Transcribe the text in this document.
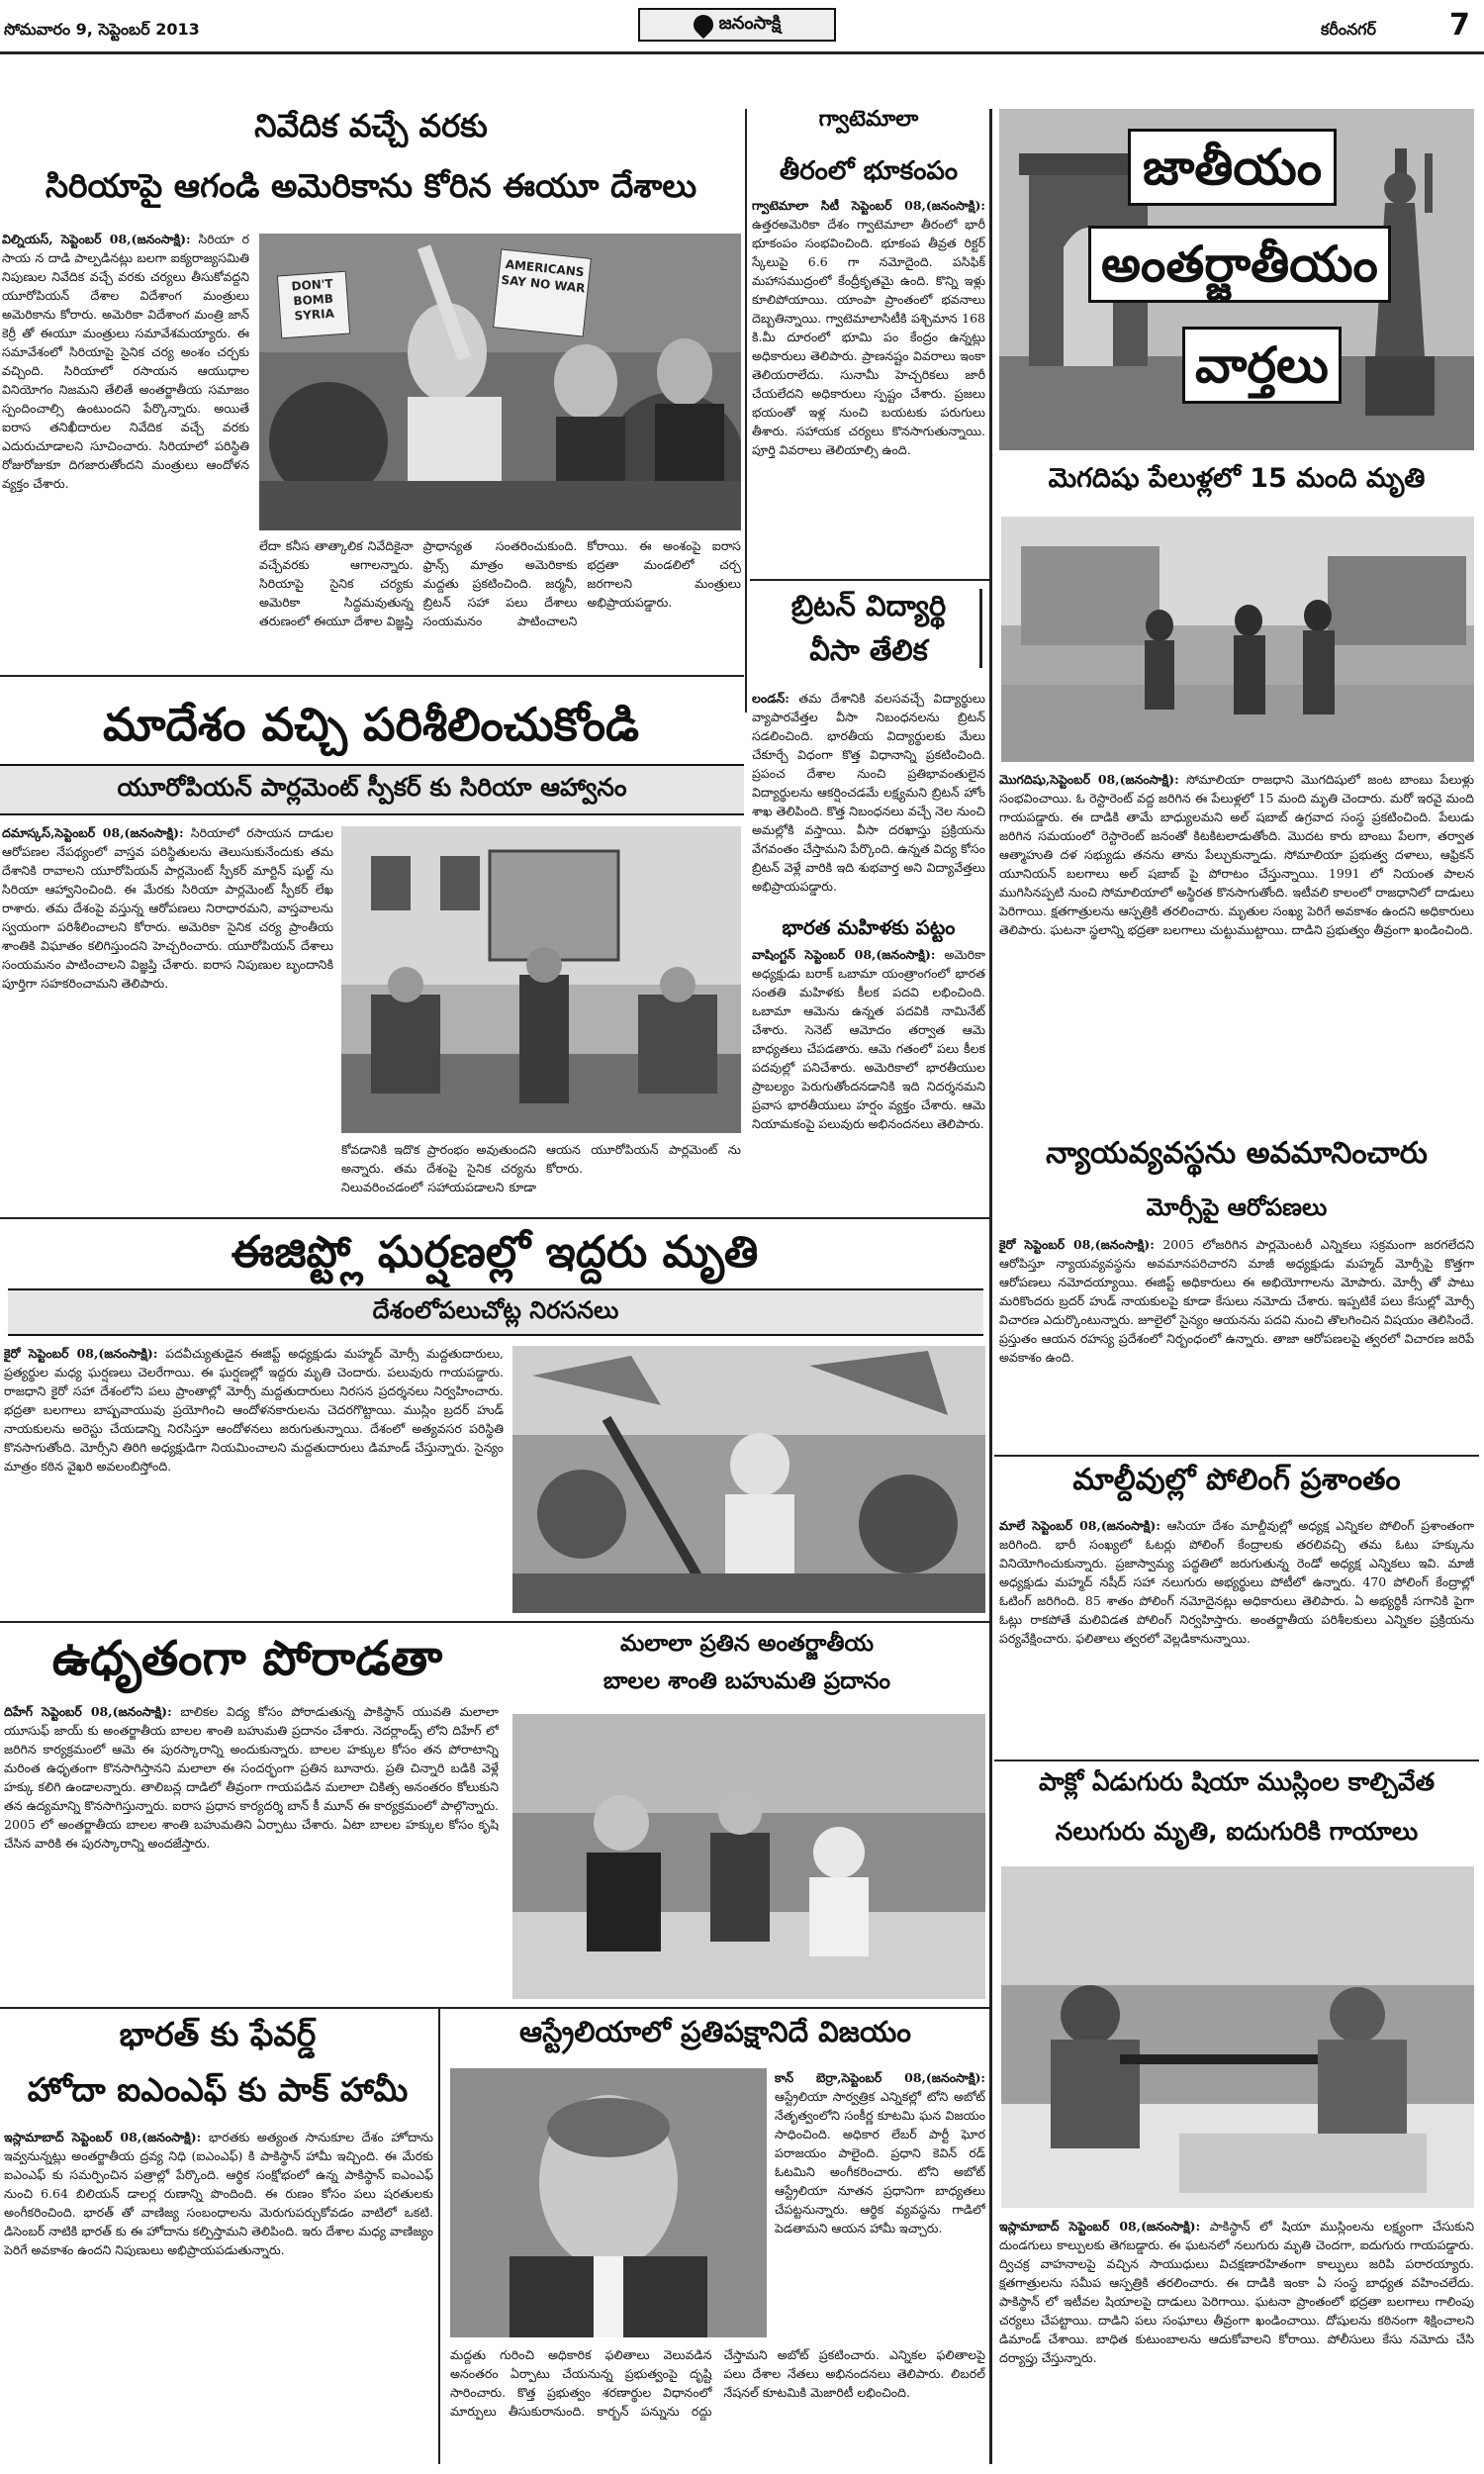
సోమవారం 9, సెప్టెంబర్ 2013	జనంసాక్షి	కరీంనగర్ 7
నివేదిక వచ్చే వరకు
సిరియాపై ఆగండి అమెరికాను కోరిన ఈయూ దేశాలు
విల్నియస్, సెప్టెంబర్ 08,(జనంసాక్షి): సిరియా ర సాయ న దాడి పాల్పడినట్లు బలగా ఐక్యరాజ్యసమితి నిపుణుల నివేదిక వచ్చే వరకు చర్యలు తీసుకోవద్దని యూరోపియన్ దేశాల విదేశాంగ మంత్రులు అమెరికాను కోరారు. అమెరికా విదేశాంగ మంత్రి జాన్ కెర్రీ తో ఈయూ మంత్రులు సమావేశమయ్యారు. ఈ సమావేశంలో సిరియాపై సైనిక చర్య అంశం చర్చకు వచ్చింది. సిరియాలో రసాయన ఆయుధాల వినియోగం నిజమని తేలితే అంతర్జాతీయ సమాజం స్పందించాల్సి ఉంటుందని పేర్కొన్నారు. అయితే ఐరాస తనిఖీదారుల నివేదిక వచ్చే వరకు ఎదురుచూడాలని సూచించారు. సిరియాలో పరిస్థితి రోజురోజుకూ దిగజారుతోందని మంత్రులు ఆందోళన వ్యక్తం చేశారు.
DON'T BOMB SYRIA
AMERICANS SAY NO WAR
లేదా కనీస తాత్కాలిక నివేదికైనా వచ్చేవరకు ఆగాలన్నారు. సిరియాపై సైనిక చర్యకు అమెరికా సిద్ధమవుతున్న తరుణంలో ఈయూ దేశాల విజ్ఞప్తి ప్రాధాన్యత సంతరించుకుంది. ఫ్రాన్స్ మాత్రం అమెరికాకు మద్దతు ప్రకటించింది. జర్మనీ, బ్రిటన్ సహా పలు దేశాలు సంయమనం పాటించాలని కోరాయి. ఈ అంశంపై ఐరాస భద్రతా మండలిలో చర్చ జరగాలని మంత్రులు అభిప్రాయపడ్డారు.
గ్వాటెమాలా
తీరంలో భూకంపం
గ్వాటెమాలా సిటీ సెప్టెంబర్ 08,(జనంసాక్షి): ఉత్తరఅమెరికా దేశం గ్వాటెమాలా తీరంలో భారీ భూకంపం సంభవించింది. భూకంప తీవ్రత రిక్టర్ స్కేలుపై 6.6 గా నమోదైంది. పసిఫిక్ మహాసముద్రంలో కేంద్రీకృతమై ఉంది. కొన్ని ఇళ్లు కూలిపోయాయి. యాంపా ప్రాంతంలో భవనాలు దెబ్బతిన్నాయి. గ్వాటెమాలాసిటీకి పశ్చిమాన 168 కి.మీ దూరంలో భూమి పం కేంద్రం ఉన్నట్లు అధికారులు తెలిపారు. ప్రాణనష్టం వివరాలు ఇంకా తెలియరాలేదు. సునామీ హెచ్చరికలు జారీ చేయలేదని అధికారులు స్పష్టం చేశారు. ప్రజలు భయంతో ఇళ్ల నుంచి బయటకు పరుగులు తీశారు. సహాయక చర్యలు కొనసాగుతున్నాయి. పూర్తి వివరాలు తెలియాల్సి ఉంది.
జాతీయం
అంతర్జాతీయం
వార్తలు
మెగదిషు పేలుళ్లలో 15 మంది మృతి
మొగదిషు,సెప్టెంబర్ 08,(జనంసాక్షి): సోమాలియా రాజధాని మొగదిషులో జంట బాంబు పేలుళ్లు సంభవించాయి. ఓ రెస్టారెంట్ వద్ద జరిగిన ఈ పేలుళ్లలో 15 మంది మృతి చెందారు. మరో ఇరవై మంది గాయపడ్డారు. ఈ దాడికి తామే బాధ్యులమని అల్ షబాబ్ ఉగ్రవాద సంస్థ ప్రకటించింది. పేలుడు జరిగిన సమయంలో రెస్టారెంట్ జనంతో కిటకిటలాడుతోంది. మొదట కారు బాంబు పేలగా, తర్వాత ఆత్మాహుతి దళ సభ్యుడు తనను తాను పేల్చుకున్నాడు. సోమాలియా ప్రభుత్వ దళాలు, ఆఫ్రికన్ యూనియన్ బలగాలు అల్ షబాబ్ పై పోరాటం చేస్తున్నాయి. 1991 లో నియంత పాలన ముగిసినప్పటి నుంచి సోమాలియాలో అస్థిరత కొనసాగుతోంది. ఇటీవలి కాలంలో రాజధానిలో దాడులు పెరిగాయి. క్షతగాత్రులను ఆస్పత్రికి తరలించారు. మృతుల సంఖ్య పెరిగే అవకాశం ఉందని అధికారులు తెలిపారు. ఘటనా స్థలాన్ని భద్రతా బలగాలు చుట్టుముట్టాయి. దాడిని ప్రభుత్వం తీవ్రంగా ఖండించింది.
బ్రిటన్ విద్యార్థి
వీసా తేలిక
లండన్: తమ దేశానికి వలసవచ్చే విద్యార్థులు వ్యాపారవేత్తల వీసా నిబంధనలను బ్రిటన్ సడలించింది. భారతీయ విద్యార్థులకు మేలు చేకూర్చే విధంగా కొత్త విధానాన్ని ప్రకటించింది. ప్రపంచ దేశాల నుంచి ప్రతిభావంతులైన విద్యార్థులను ఆకర్షించడమే లక్ష్యమని బ్రిటన్ హోం శాఖ తెలిపింది. కొత్త నిబంధనలు వచ్చే నెల నుంచి అమల్లోకి వస్తాయి. వీసా దరఖాస్తు ప్రక్రియను వేగవంతం చేస్తామని పేర్కొంది. ఉన్నత విద్య కోసం బ్రిటన్ వెళ్లే వారికి ఇది శుభవార్త అని విద్యావేత్తలు అభిప్రాయపడ్డారు.
భారత మహిళకు పట్టం
వాషింగ్టన్ సెప్టెంబర్ 08,(జనంసాక్షి): అమెరికా అధ్యక్షుడు బరాక్ ఒబామా యంత్రాంగంలో భారత సంతతి మహిళకు కీలక పదవి లభించింది. ఒబామా ఆమెను ఉన్నత పదవికి నామినేట్ చేశారు. సెనెట్ ఆమోదం తర్వాత ఆమె బాధ్యతలు చేపడతారు. ఆమె గతంలో పలు కీలక పదవుల్లో పనిచేశారు. అమెరికాలో భారతీయుల ప్రాబల్యం పెరుగుతోందనడానికి ఇది నిదర్శనమని ప్రవాస భారతీయులు హర్షం వ్యక్తం చేశారు. ఆమె నియామకంపై పలువురు అభినందనలు తెలిపారు.
మాదేశం వచ్చి పరిశీలించుకోండి
యూరోపియన్ పార్లమెంట్ స్పీకర్ కు సిరియా ఆహ్వానం
దమాస్కస్,సెప్టెంబర్ 08,(జనంసాక్షి): సిరియాలో రసాయన దాడుల ఆరోపణల నేపథ్యంలో వాస్తవ పరిస్థితులను తెలుసుకునేందుకు తమ దేశానికి రావాలని యూరోపియన్ పార్లమెంట్ స్పీకర్ మార్టిన్ షుల్జ్ ను సిరియా ఆహ్వానించింది. ఈ మేరకు సిరియా పార్లమెంట్ స్పీకర్ లేఖ రాశారు. తమ దేశంపై వస్తున్న ఆరోపణలు నిరాధారమని, వాస్తవాలను స్వయంగా పరిశీలించాలని కోరారు. అమెరికా సైనిక చర్య ప్రాంతీయ శాంతికి విఘాతం కలిగిస్తుందని హెచ్చరించారు. యూరోపియన్ దేశాలు సంయమనం పాటించాలని విజ్ఞప్తి చేశారు. ఐరాస నిపుణుల బృందానికి పూర్తిగా సహకరించామని తెలిపారు.
కోవడానికి ఇదొక ప్రారంభం అవుతుందని అన్నారు. తమ దేశంపై సైనిక చర్యను నిలువరించడంలో సహాయపడాలని కూడా ఆయన యూరోపియన్ పార్లమెంట్ ను కోరారు.
ఈజిప్ట్లో ఘర్షణల్లో ఇద్దరు మృతి
దేశంలోపలుచోట్ల నిరసనలు
కైరో సెప్టెంబర్ 08,(జనంసాక్షి): పదవీచ్యుతుడైన ఈజిప్ట్ అధ్యక్షుడు మహ్మద్ మోర్సీ మద్దతుదారులు, ప్రత్యర్థుల మధ్య ఘర్షణలు చెలరేగాయి. ఈ ఘర్షణల్లో ఇద్దరు మృతి చెందారు. పలువురు గాయపడ్డారు. రాజధాని కైరో సహా దేశంలోని పలు ప్రాంతాల్లో మోర్సీ మద్దతుదారులు నిరసన ప్రదర్శనలు నిర్వహించారు. భద్రతా బలగాలు బాష్పవాయువు ప్రయోగించి ఆందోళనకారులను చెదరగొట్టాయి. ముస్లిం బ్రదర్ హుడ్ నాయకులను అరెస్టు చేయడాన్ని నిరసిస్తూ ఆందోళనలు జరుగుతున్నాయి. దేశంలో అత్యవసర పరిస్థితి కొనసాగుతోంది. మోర్సీని తిరిగి అధ్యక్షుడిగా నియమించాలని మద్దతుదారులు డిమాండ్ చేస్తున్నారు. సైన్యం మాత్రం కఠిన వైఖరి అవలంబిస్తోంది.
ఉధృతంగా పోరాడతా	మలాలా ప్రతిన అంతర్జాతీయ
బాలల శాంతి బహుమతి ప్రదానం
దిహేగ్ సెప్టెంబర్ 08,(జనంసాక్షి): బాలికల విద్య కోసం పోరాడుతున్న పాకిస్థాన్ యువతి మలాలా యూసుఫ్ జాయ్ కు అంతర్జాతీయ బాలల శాంతి బహుమతి ప్రదానం చేశారు. నెదర్లాండ్స్ లోని దిహేగ్ లో జరిగిన కార్యక్రమంలో ఆమె ఈ పురస్కారాన్ని అందుకున్నారు. బాలల హక్కుల కోసం తన పోరాటాన్ని మరింత ఉధృతంగా కొనసాగిస్తానని మలాలా ఈ సందర్భంగా ప్రతిన బూనారు. ప్రతి చిన్నారి బడికి వెళ్లే హక్కు కలిగి ఉండాలన్నారు. తాలిబన్ల దాడిలో తీవ్రంగా గాయపడిన మలాలా చికిత్స అనంతరం కోలుకుని తన ఉద్యమాన్ని కొనసాగిస్తున్నారు. ఐరాస ప్రధాన కార్యదర్శి బాన్ కీ మూన్ ఈ కార్యక్రమంలో పాల్గొన్నారు. 2005 లో అంతర్జాతీయ బాలల శాంతి బహుమతిని ఏర్పాటు చేశారు. ఏటా బాలల హక్కుల కోసం కృషి చేసిన వారికి ఈ పురస్కారాన్ని అందజేస్తారు.
న్యాయవ్యవస్థను అవమానించారు
మోర్సీపై ఆరోపణలు
కైరో సెప్టెంబర్ 08,(జనంసాక్షి): 2005 లోజరిగిన పార్లమెంటరీ ఎన్నికలు సక్రమంగా జరగలేదని ఆరోపిస్తూ న్యాయవ్యవస్థను అవమానపరిచారని మాజీ అధ్యక్షుడు మహ్మద్ మోర్సీపై కొత్తగా ఆరోపణలు నమోదయ్యాయి. ఈజిప్ట్ అధికారులు ఈ అభియోగాలను మోపారు. మోర్సీ తో పాటు మరికొందరు బ్రదర్ హుడ్ నాయకులపై కూడా కేసులు నమోదు చేశారు. ఇప్పటికే పలు కేసుల్లో మోర్సీ విచారణ ఎదుర్కొంటున్నారు. జూలైలో సైన్యం ఆయనను పదవి నుంచి తొలగించిన విషయం తెలిసిందే. ప్రస్తుతం ఆయన రహస్య ప్రదేశంలో నిర్బంధంలో ఉన్నారు. తాజా ఆరోపణలపై త్వరలో విచారణ జరిపే అవకాశం ఉంది.
మాల్దీవుల్లో పోలింగ్ ప్రశాంతం
మాలే సెప్టెంబర్ 08,(జనంసాక్షి): ఆసియా దేశం మాల్దీవుల్లో అధ్యక్ష ఎన్నికల పోలింగ్ ప్రశాంతంగా జరిగింది. భారీ సంఖ్యలో ఓటర్లు పోలింగ్ కేంద్రాలకు తరలివచ్చి తమ ఓటు హక్కును వినియోగించుకున్నారు. ప్రజాస్వామ్య పద్ధతిలో జరుగుతున్న రెండో అధ్యక్ష ఎన్నికలు ఇవి. మాజీ అధ్యక్షుడు మహ్మద్ నషీద్ సహా నలుగురు అభ్యర్థులు పోటీలో ఉన్నారు. 470 పోలింగ్ కేంద్రాల్లో ఓటింగ్ జరిగింది. 85 శాతం పోలింగ్ నమోదైనట్లు అధికారులు తెలిపారు. ఏ అభ్యర్థికీ సగానికి పైగా ఓట్లు రాకపోతే మలివిడత పోలింగ్ నిర్వహిస్తారు. అంతర్జాతీయ పరిశీలకులు ఎన్నికల ప్రక్రియను పర్యవేక్షించారు. ఫలితాలు త్వరలో వెల్లడికానున్నాయి.
పాక్లో ఏడుగురు షియా ముస్లింల కాల్చివేత
నలుగురు మృతి, ఐదుగురికి గాయాలు
ఇస్లామాబాద్ సెప్టెంబర్ 08,(జనంసాక్షి): పాకిస్థాన్ లో షియా ముస్లింలను లక్ష్యంగా చేసుకుని దుండగులు కాల్పులకు తెగబడ్డారు. ఈ ఘటనలో నలుగురు మృతి చెందగా, ఐదుగురు గాయపడ్డారు. ద్విచక్ర వాహనాలపై వచ్చిన సాయుధులు విచక్షణారహితంగా కాల్పులు జరిపి పరారయ్యారు. క్షతగాత్రులను సమీప ఆస్పత్రికి తరలించారు. ఈ దాడికి ఇంకా ఏ సంస్థ బాధ్యత వహించలేదు. పాకిస్థాన్ లో ఇటీవల షియాలపై దాడులు పెరిగాయి. ఘటనా ప్రాంతంలో భద్రతా బలగాలు గాలింపు చర్యలు చేపట్టాయి. దాడిని పలు సంఘాలు తీవ్రంగా ఖండించాయి. దోషులను కఠినంగా శిక్షించాలని డిమాండ్ చేశాయి. బాధిత కుటుంబాలను ఆదుకోవాలని కోరాయి. పోలీసులు కేసు నమోదు చేసి దర్యాప్తు చేస్తున్నారు.
భారత్ కు ఫేవర్డ్
హోదా ఐఎంఎఫ్ కు పాక్ హామీ
ఇస్లామాబాద్ సెప్టెంబర్ 08,(జనంసాక్షి): భారతకు అత్యంత సానుకూల దేశం హోదాను ఇవ్వనున్నట్లు అంతర్జాతీయ ద్రవ్య నిధి (ఐఎంఎఫ్) కి పాకిస్థాన్ హామీ ఇచ్చింది. ఈ మేరకు ఐఎంఎఫ్ కు సమర్పించిన పత్రాల్లో పేర్కొంది. ఆర్థిక సంక్షోభంలో ఉన్న పాకిస్థాన్ ఐఎంఎఫ్ నుంచి 6.64 బిలియన్ డాలర్ల రుణాన్ని పొందింది. ఈ రుణం కోసం పలు షరతులకు అంగీకరించింది. భారత్ తో వాణిజ్య సంబంధాలను మెరుగుపర్చుకోవడం వాటిలో ఒకటి. డిసెంబర్ నాటికి భారత్ కు ఈ హోదాను కల్పిస్తామని తెలిపింది. ఇరు దేశాల మధ్య వాణిజ్యం పెరిగే అవకాశం ఉందని నిపుణులు అభిప్రాయపడుతున్నారు.
ఆస్ట్రేలియాలో ప్రతిపక్షానిదే విజయం
కాన్ బెర్రా,సెప్టెంబర్ 08,(జనంసాక్షి): ఆస్ట్రేలియా సార్వత్రిక ఎన్నికల్లో టోని అబోట్ నేతృత్వంలోని సంకీర్ణ కూటమి ఘన విజయం సాధించింది. అధికార లేబర్ పార్టీ ఘోర పరాజయం పాలైంది. ప్రధాని కెవిన్ రడ్ ఓటమిని అంగీకరించారు. టోని అబోట్ ఆస్ట్రేలియా నూతన ప్రధానిగా బాధ్యతలు చేపట్టనున్నారు. ఆర్థిక వ్యవస్థను గాడిలో పెడతామని ఆయన హామీ ఇచ్చారు.
మద్దతు గురించి అధికారిక ఫలితాలు వెలువడిన అనంతరం ఏర్పాటు చేయనున్న ప్రభుత్వంపై దృష్టి సారించారు. కొత్త ప్రభుత్వం శరణార్థుల విధానంలో మార్పులు తీసుకురానుంది. కార్బన్ పన్నును రద్దు చేస్తామని అబోట్ ప్రకటించారు. ఎన్నికల ఫలితాలపై పలు దేశాల నేతలు అభినందనలు తెలిపారు. లిబరల్ నేషనల్ కూటమికి మెజారిటీ లభించింది.
